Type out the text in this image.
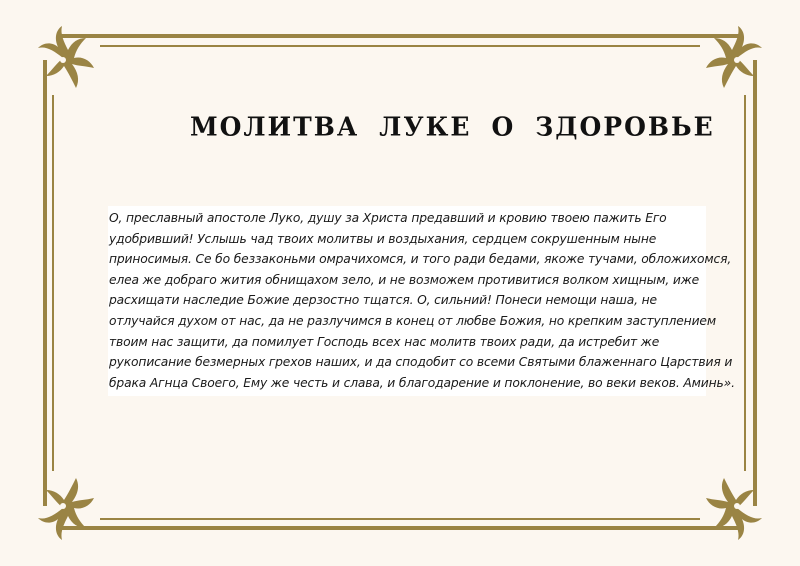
МОЛИТВА ЛУКЕ О ЗДОРОВЬЕ

О, преславный апостоле Луко, душу за Христа предавший и кровию твоею пажить Его

удобривший! Услышь чад твоих молитвы и воздыхания, сердцем сокрушенным ныне

приносимыя. Се бо беззаконьми омрачихомся, и того ради бедами, якоже тучами, обложихомся,

елеа же добраго жития обнищахом зело, и не возможем противитися волком хищным, иже

расхищати наследие Божие дерзостно тщатся. О, сильний! Понеси немощи наша, не

отлучайся духом от нас, да не разлучимся в конец от любве Божия, но крепким заступлением

твоим нас защити, да помилует Господь всех нас молитв твоих ради, да истребит же

рукописание безмерных грехов наших, и да сподобит со всеми Святыми блаженнаго Царствия и

брака Агнца Своего, Ему же честь и слава, и благодарение и поклонение, во веки веков. Аминь».
